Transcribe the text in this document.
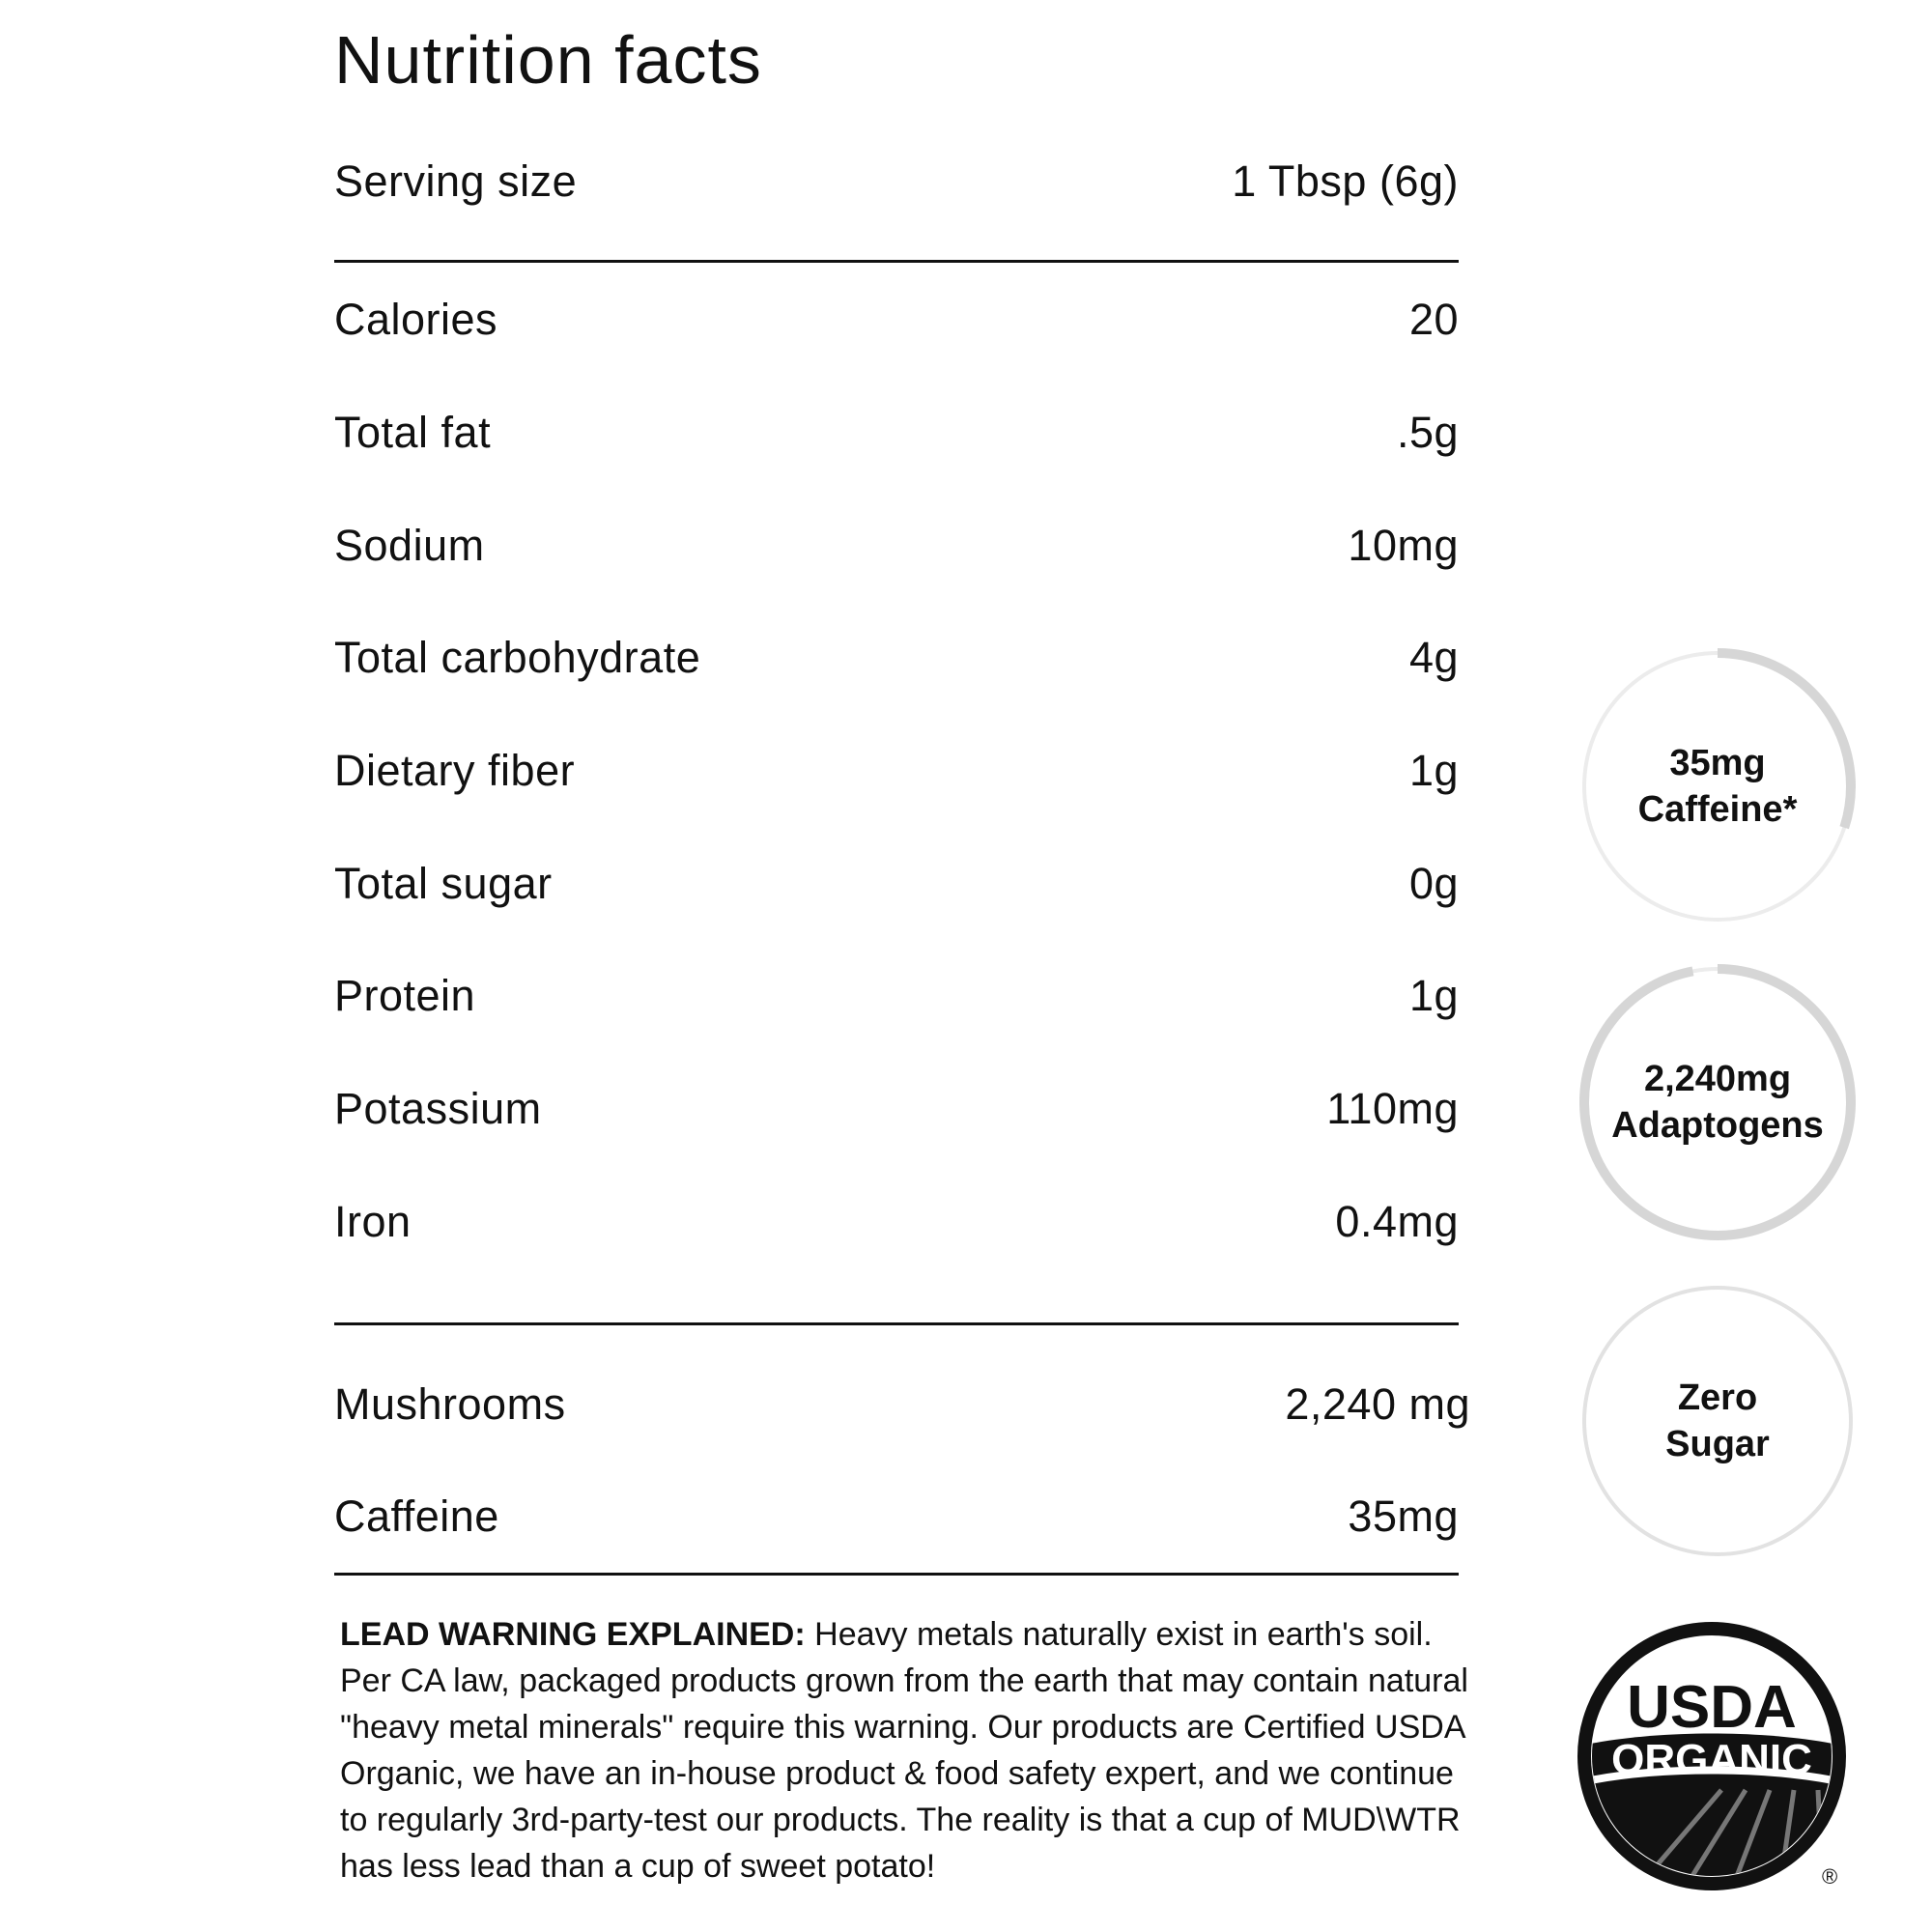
Nutrition facts
Serving size	1 Tbsp (6g)
Calories	20
Total fat	.5g
Sodium	10mg
Total carbohydrate	4g
Dietary fiber	1g
Total sugar	0g
Protein	1g
Potassium	110mg
Iron	0.4mg
Mushrooms	2,240 mg
Caffeine	35mg

LEAD WARNING EXPLAINED: Heavy metals naturally exist in earth's soil. Per CA law, packaged products grown from the earth that may contain natural "heavy metal minerals" require this warning. Our products are Certified USDA Organic, we have an in-house product & food safety expert, and we continue to regularly 3rd-party-test our products. The reality is that a cup of MUD\WTR has less lead than a cup of sweet potato!

35mg
Caffeine*
2,240mg
Adaptogens
Zero
Sugar
USDA
ORGANIC
®
